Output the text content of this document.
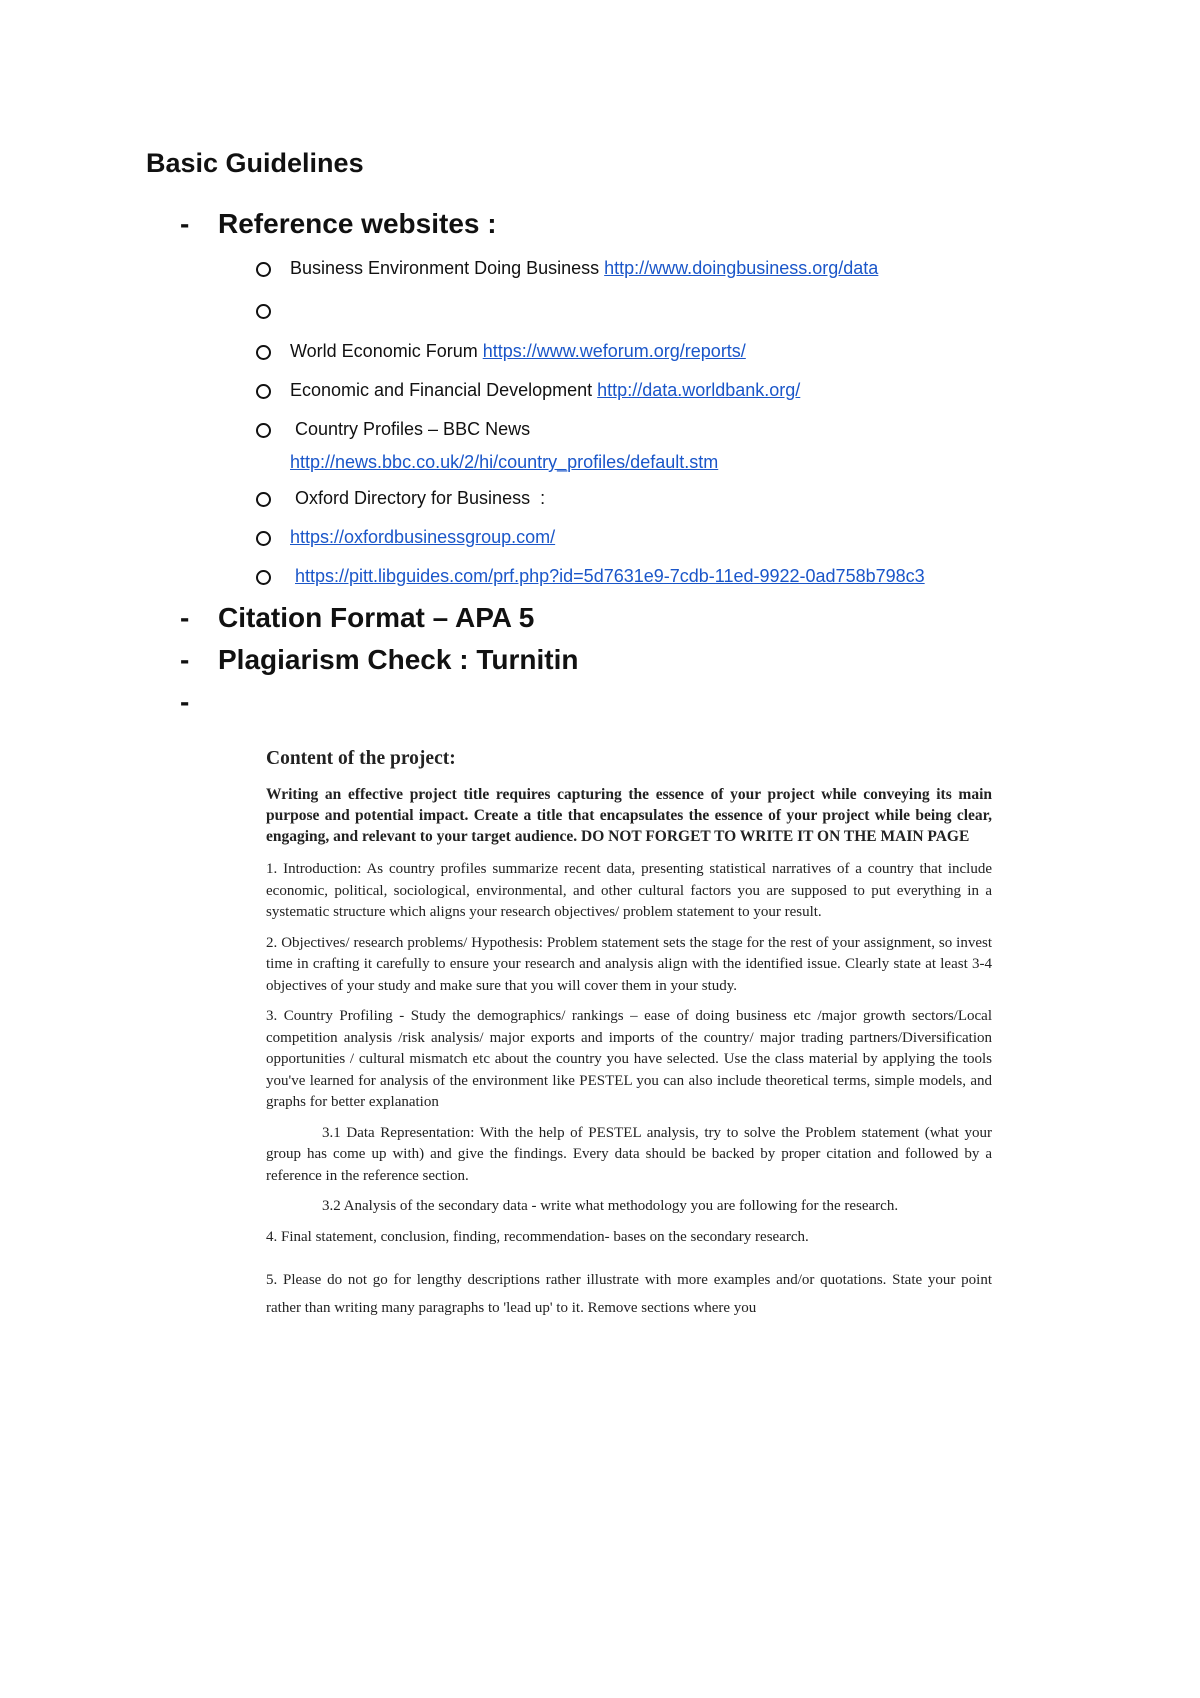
Basic Guidelines
- Reference websites :
Business Environment Doing Business http://www.doingbusiness.org/data
World Economic Forum https://www.weforum.org/reports/
Economic and Financial Development http://data.worldbank.org/
Country Profiles – BBC News
http://news.bbc.co.uk/2/hi/country_profiles/default.stm
Oxford Directory for Business  :
https://oxfordbusinessgroup.com/
https://pitt.libguides.com/prf.php?id=5d7631e9-7cdb-11ed-9922-0ad758b798c3
- Citation Format – APA 5
- Plagiarism Check : Turnitin
-
Content of the project:
Writing an effective project title requires capturing the essence of your project while conveying its main purpose and potential impact. Create a title that encapsulates the essence of your project while being clear, engaging, and relevant to your target audience. DO NOT FORGET TO WRITE IT ON THE MAIN PAGE

1. Introduction: As country profiles summarize recent data, presenting statistical narratives of a country that include economic, political, sociological, environmental, and other cultural factors you are supposed to put everything in a systematic structure which aligns your research objectives/ problem statement to your result.

2. Objectives/ research problems/ Hypothesis: Problem statement sets the stage for the rest of your assignment, so invest time in crafting it carefully to ensure your research and analysis align with the identified issue. Clearly state at least 3-4 objectives of your study and make sure that you will cover them in your study.

3. Country Profiling - Study the demographics/ rankings – ease of doing business etc /major growth sectors/Local competition analysis /risk analysis/ major exports and imports of the country/ major trading partners/Diversification opportunities / cultural mismatch etc about the country you have selected. Use the class material by applying the tools you've learned for analysis of the environment like PESTEL you can also include theoretical terms, simple models, and graphs for better explanation

3.1 Data Representation: With the help of PESTEL analysis, try to solve the Problem statement (what your group has come up with) and give the findings. Every data should be backed by proper citation and followed by a reference in the reference section.

3.2 Analysis of the secondary data - write what methodology you are following for the research.

4. Final statement, conclusion, finding, recommendation- bases on the secondary research.

5. Please do not go for lengthy descriptions rather illustrate with more examples and/or quotations. State your point rather than writing many paragraphs to 'lead up' to it. Remove sections where you
